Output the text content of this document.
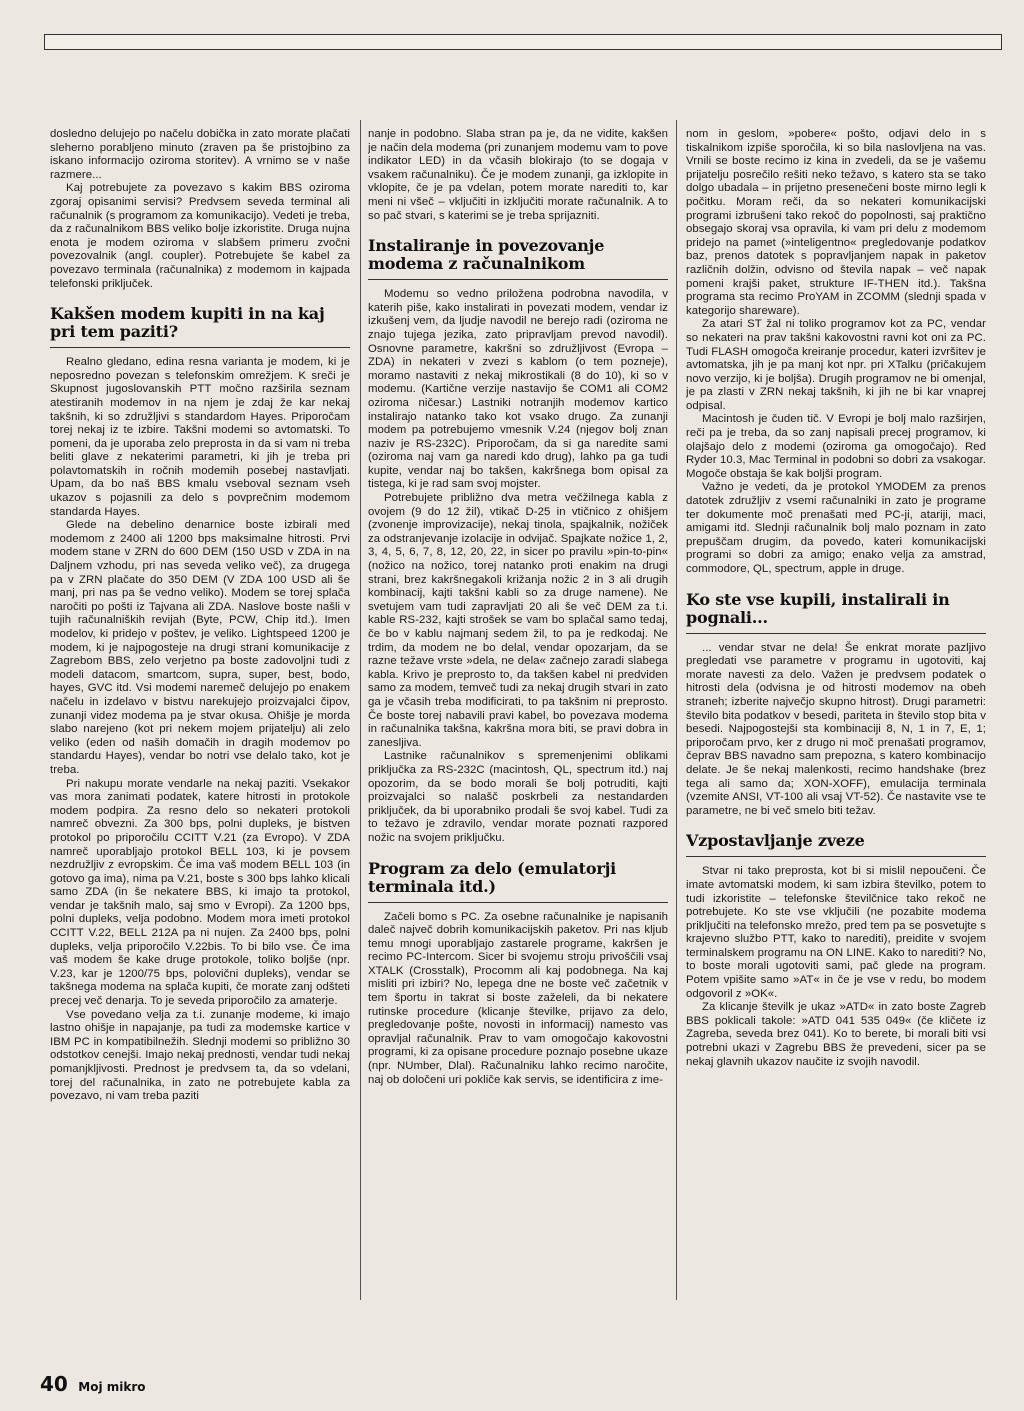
dosledno delujejo po načelu dobička in zato morate plačati sleherno porabljeno minuto (zraven pa še pristojbino za iskano informacijo oziroma storitev). A vrnimo se v naše razmere...

Kaj potrebujete za povezavo s kakim BBS oziroma zgoraj opisanimi servisi? Predvsem seveda terminal ali računalnik (s programom za komunikacijo). Vedeti je treba, da z računalnikom BBS veliko bolje izkoristite. Druga nujna enota je modem oziroma v slabšem primeru zvočni povezovalnik (angl. coupler). Potrebujete še kabel za povezavo terminala (računalnika) z modemom in kajpada telefonski priključek.

Kakšen modem kupiti in na kaj pri tem paziti?

Realno gledano, edina resna varianta je modem, ki je neposredno povezan s telefonskim omrežjem. K sreči je Skupnost jugoslovanskih PTT močno razširila seznam atestiranih modemov in na njem je zdaj že kar nekaj takšnih, ki so združljivi s standardom Hayes. Priporočam torej nekaj iz te izbire. Takšni modemi so avtomatski. To pomeni, da je uporaba zelo preprosta in da si vam ni treba beliti glave z nekaterimi parametri, ki jih je treba pri polavtomatskih in ročnih modemih posebej nastavljati. Upam, da bo naš BBS kmalu vseboval seznam vseh ukazov s pojasnili za delo s povprečnim modemom standarda Hayes.

Glede na debelino denarnice boste izbirali med modemom z 2400 ali 1200 bps maksimalne hitrosti. Prvi modem stane v ZRN do 600 DEM (150 USD v ZDA in na Daljnem vzhodu, pri nas seveda veliko več), za drugega pa v ZRN plačate do 350 DEM (V ZDA 100 USD ali še manj, pri nas pa še vedno veliko). Modem se torej splača naročiti po pošti iz Tajvana ali ZDA. Naslove boste našli v tujih računalniških revijah (Byte, PCW, Chip itd.). Imen modelov, ki pridejo v poštev, je veliko. Lightspeed 1200 je modem, ki je najpogosteje na drugi strani komunikacije z Zagrebom BBS, zelo verjetno pa boste zadovoljni tudi z modeli datacom, smartcom, supra, super, best, bodo, hayes, GVC itd. Vsi modemi naremeč delujejo po enakem načelu in izdelavo v bistvu narekujejo proizvajalci čipov, zunanji videz modema pa je stvar okusa. Ohišje je morda slabo narejeno (kot pri nekem mojem prijatelju) ali zelo veliko (eden od naših domačih in dragih modemov po standardu Hayes), vendar bo notri vse delalo tako, kot je treba.

Pri nakupu morate vendarle na nekaj paziti. Vsekakor vas mora zanimati podatek, katere hitrosti in protokole modem podpira. Za resno delo so nekateri protokoli namreč obvezni. Za 300 bps, polni dupleks, je bistven protokol po priporočilu CCITT V.21 (za Evropo). V ZDA namreč uporabljajo protokol BELL 103, ki je povsem nezdružljiv z evropskim. Če ima vaš modem BELL 103 (in gotovo ga ima), nima pa V.21, boste s 300 bps lahko klicali samo ZDA (in še nekatere BBS, ki imajo ta protokol, vendar je takšnih malo, saj smo v Evropi). Za 1200 bps, polni dupleks, velja podobno. Modem mora imeti protokol CCITT V.22, BELL 212A pa ni nujen. Za 2400 bps, polni dupleks, velja priporočilo V.22bis. To bi bilo vse. Če ima vaš modem še kake druge protokole, toliko boljše (npr. V.23, kar je 1200/75 bps, polovični dupleks), vendar se takšnega modema na splača kupiti, če morate zanj odšteti precej več denarja. To je seveda priporočilo za amaterje.

Vse povedano velja za t.i. zunanje modeme, ki imajo lastno ohišje in napajanje, pa tudi za modemske kartice v IBM PC in kompatibilnežih. Slednji modemi so približno 30 odstotkov cenejši. Imajo nekaj prednosti, vendar tudi nekaj pomanjkljivosti. Prednost je predvsem ta, da so vdelani, torej del računalnika, in zato ne potrebujete kabla za povezavo, ni vam treba paziti

nanje in podobno. Slaba stran pa je, da ne vidite, kakšen je način dela modema (pri zunanjem modemu vam to pove indikator LED) in da včasih blokirajo (to se dogaja v vsakem računalniku). Če je modem zunanji, ga izklopite in vklopite, če je pa vdelan, potem morate narediti to, kar meni ni všeč – vključiti in izključiti morate računalnik. A to so pač stvari, s katerimi se je treba sprijazniti.

Instaliranje in povezovanje modema z računalnikom

Modemu so vedno priložena podrobna navodila, v katerih piše, kako instalirati in povezati modem, vendar iz izkušenj vem, da ljudje navodil ne berejo radi (oziroma ne znajo tujega jezika, zato pripravljam prevod navodil). Osnovne parametre, kakršni so združljivost (Evropa – ZDA) in nekateri v zvezi s kablom (o tem pozneje), moramo nastaviti z nekaj mikrostikali (8 do 10), ki so v modemu. (Kartične verzije nastavijo še COM1 ali COM2 oziroma ničesar.) Lastniki notranjih modemov kartico instalirajo natanko tako kot vsako drugo. Za zunanji modem pa potrebujemo vmesnik V.24 (njegov bolj znan naziv je RS-232C). Priporočam, da si ga naredite sami (oziroma naj vam ga naredi kdo drug), lahko pa ga tudi kupite, vendar naj bo takšen, kakršnega bom opisal za tistega, ki je rad sam svoj mojster.

Potrebujete približno dva metra večžilnega kabla z ovojem (9 do 12 žil), vtikač D-25 in vtičnico z ohišjem (zvonenje improvizacije), nekaj tinola, spajkalnik, nožiček za odstranjevanje izolacije in odvijač. Spajkate nožice 1, 2, 3, 4, 5, 6, 7, 8, 12, 20, 22, in sicer po pravilu »pin-to-pin« (nožico na nožico, torej natanko proti enakim na drugi strani, brez kakršnegakoli križanja nožic 2 in 3 ali drugih kombinacij, kajti takšni kabli so za druge namene). Ne svetujem vam tudi zapravljati 20 ali še več DEM za t.i. kable RS-232, kajti strošek se vam bo splačal samo tedaj, če bo v kablu najmanj sedem žil, to pa je redkodaj. Ne trdim, da modem ne bo delal, vendar opozarjam, da se razne težave vrste »dela, ne dela« začnejo zaradi slabega kabla. Krivo je preprosto to, da takšen kabel ni predviden samo za modem, temveč tudi za nekaj drugih stvari in zato ga je včasih treba modificirati, to pa takšnim ni preprosto. Če boste torej nabavili pravi kabel, bo povezava modema in računalnika takšna, kakršna mora biti, se pravi dobra in zanesljiva.

Lastnike računalnikov s spremenjenimi oblikami priključka za RS-232C (macintosh, QL, spectrum itd.) naj opozorim, da se bodo morali še bolj potruditi, kajti proizvajalci so nalašč poskrbeli za nestandarden priključek, da bi uporabniko prodali še svoj kabel. Tudi za to težavo je zdravilo, vendar morate poznati razpored nožic na svojem priključku.

Program za delo (emulatorji terminala itd.)

Začeli bomo s PC. Za osebne računalnike je napisanih daleč največ dobrih komunikacijskih paketov. Pri nas kljub temu mnogi uporabljajo zastarele programe, kakršen je recimo PC-Intercom. Sicer bi svojemu stroju privoščili vsaj XTALK (Crosstalk), Procomm ali kaj podobnega. Na kaj misliti pri izbiri? No, lepega dne ne boste več začetnik v tem športu in takrat si boste zaželeli, da bi nekatere rutinske procedure (klicanje številke, prijavo za delo, pregledovanje pošte, novosti in informacij) namesto vas opravljal računalnik. Prav to vam omogočajo kakovostni programi, ki za opisane procedure poznajo posebne ukaze (npr. NUmber, Dlal). Računalniku lahko recimo naročite, naj ob določeni uri pokliče kak servis, se identificira z ime-

nom in geslom, »pobere« pošto, odjavi delo in s tiskalnikom izpiše sporočila, ki so bila naslovljena na vas. Vrnili se boste recimo iz kina in zvedeli, da se je vašemu prijatelju posrečilo rešiti neko težavo, s katero sta se tako dolgo ubadala – in prijetno presenečeni boste mirno legli k počitku. Moram reči, da so nekateri komunikacijski programi izbrušeni tako rekoč do popolnosti, saj praktično obsegajo skoraj vsa opravila, ki vam pri delu z modemom pridejo na pamet (»inteligentno« pregledovanje podatkov baz, prenos datotek s popravljanjem napak in paketov različnih dolžin, odvisno od števila napak – več napak pomeni krajši paket, strukture IF-THEN itd.). Takšna programa sta recimo ProYAM in ZCOMM (slednji spada v kategorijo shareware).

Za atari ST žal ni toliko programov kot za PC, vendar so nekateri na prav takšni kakovostni ravni kot oni za PC. Tudi FLASH omogoča kreiranje procedur, kateri izvršitev je avtomatska, jih je pa manj kot npr. pri XTalku (pričakujem novo verzijo, ki je boljša). Drugih programov ne bi omenjal, je pa zlasti v ZRN nekaj takšnih, ki jih ne bi kar vnaprej odpisal.

Macintosh je čuden tič. V Evropi je bolj malo razširjen, reči pa je treba, da so zanj napisali precej programov, ki olajšajo delo z modemi (oziroma ga omogočajo). Red Ryder 10.3, Mac Terminal in podobni so dobri za vsakogar. Mogoče obstaja še kak boljši program.

Važno je vedeti, da je protokol YMODEM za prenos datotek združljiv z vsemi računalniki in zato je programe ter dokumente moč prenašati med PC-ji, atariji, maci, amigami itd. Slednji računalnik bolj malo poznam in zato prepuščam drugim, da povedo, kateri komunikacijski programi so dobri za amigo; enako velja za amstrad, commodore, QL, spectrum, apple in druge.

Ko ste vse kupili, instalirali in pognali...

... vendar stvar ne dela! Še enkrat morate pazljivo pregledati vse parametre v programu in ugotoviti, kaj morate navesti za delo. Važen je predvsem podatek o hitrosti dela (odvisna je od hitrosti modemov na obeh straneh; izberite največjo skupno hitrost). Drugi parametri: število bita podatkov v besedi, pariteta in število stop bita v besedi. Najpogostejši sta kombinaciji 8, N, 1 in 7, E, 1; priporočam prvo, ker z drugo ni moč prenašati programov, čeprav BBS navadno sam prepozna, s katero kombinacijo delate. Je še nekaj malenkosti, recimo handshake (brez tega ali samo da; XON-XOFF), emulacija terminala (vzemite ANSI, VT-100 ali vsaj VT-52). Če nastavite vse te parametre, ne bi več smelo biti težav.

Vzpostavljanje zveze

Stvar ni tako preprosta, kot bi si mislil nepoučeni. Če imate avtomatski modem, ki sam izbira številko, potem to tudi izkoristite – telefonske številčnice tako rekoč ne potrebujete. Ko ste vse vključili (ne pozabite modema priključiti na telefonsko mrežo, pred tem pa se posvetujte s krajevno službo PTT, kako to narediti), preidite v svojem terminalskem programu na ON LINE. Kako to narediti? No, to boste morali ugotoviti sami, pač glede na program. Potem vpišite samo »AT« in če je vse v redu, bo modem odgovoril z »OK«.

Za klicanje številk je ukaz »ATD« in zato boste Zagreb BBS poklicali takole: »ATD 041 535 049« (če kličete iz Zagreba, seveda brez 041). Ko to berete, bi morali biti vsi potrebni ukazi v Zagrebu BBS že prevedeni, sicer pa se nekaj glavnih ukazov naučite iz svojih navodil.

40 Moj mikro
